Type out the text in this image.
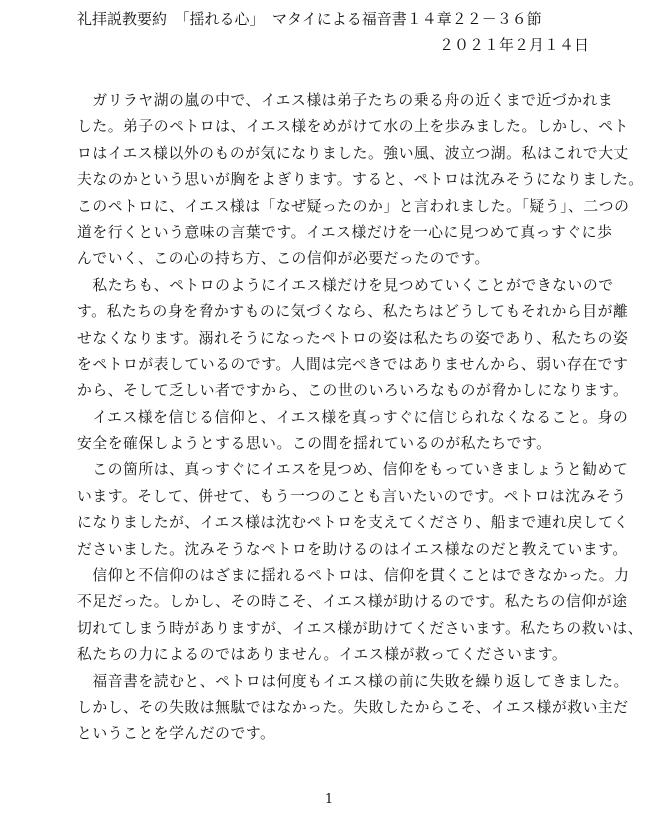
礼拝説教要約　「揺れる心」　マタイによる福音書１４章２２－３６節
２０２１年２月１４日
　ガリラヤ湖の嵐の中で、イエス様は弟子たちの乗る舟の近くまで近づかれま
した。弟子のペトロは、イエス様をめがけて水の上を歩みました。しかし、ペト
ロはイエス様以外のものが気になりました。強い風、波立つ湖。私はこれで大丈
夫なのかという思いが胸をよぎります。すると、ペトロは沈みそうになりました。
このペトロに、イエス様は「なぜ疑ったのか」と言われました。「疑う」、二つの
道を行くという意味の言葉です。イエス様だけを一心に見つめて真っすぐに歩
んでいく、この心の持ち方、この信仰が必要だったのです。
　私たちも、ペトロのようにイエス様だけを見つめていくことができないので
す。私たちの身を脅かすものに気づくなら、私たちはどうしてもそれから目が離
せなくなります。溺れそうになったペトロの姿は私たちの姿であり、私たちの姿
をペトロが表しているのです。人間は完ぺきではありませんから、弱い存在です
から、そして乏しい者ですから、この世のいろいろなものが脅かしになります。
　イエス様を信じる信仰と、イエス様を真っすぐに信じられなくなること。身の
安全を確保しようとする思い。この間を揺れているのが私たちです。
　この箇所は、真っすぐにイエスを見つめ、信仰をもっていきましょうと勧めて
います。そして、併せて、もう一つのことも言いたいのです。ペトロは沈みそう
になりましたが、イエス様は沈むペトロを支えてくださり、船まで連れ戻してく
ださいました。沈みそうなペトロを助けるのはイエス様なのだと教えています。
　信仰と不信仰のはざまに揺れるペトロは、信仰を貫くことはできなかった。力
不足だった。しかし、その時こそ、イエス様が助けるのです。私たちの信仰が途
切れてしまう時がありますが、イエス様が助けてくださいます。私たちの救いは、
私たちの力によるのではありません。イエス様が救ってくださいます。
　福音書を読むと、ペトロは何度もイエス様の前に失敗を繰り返してきました。
しかし、その失敗は無駄ではなかった。失敗したからこそ、イエス様が救い主だ
ということを学んだのです。
1
